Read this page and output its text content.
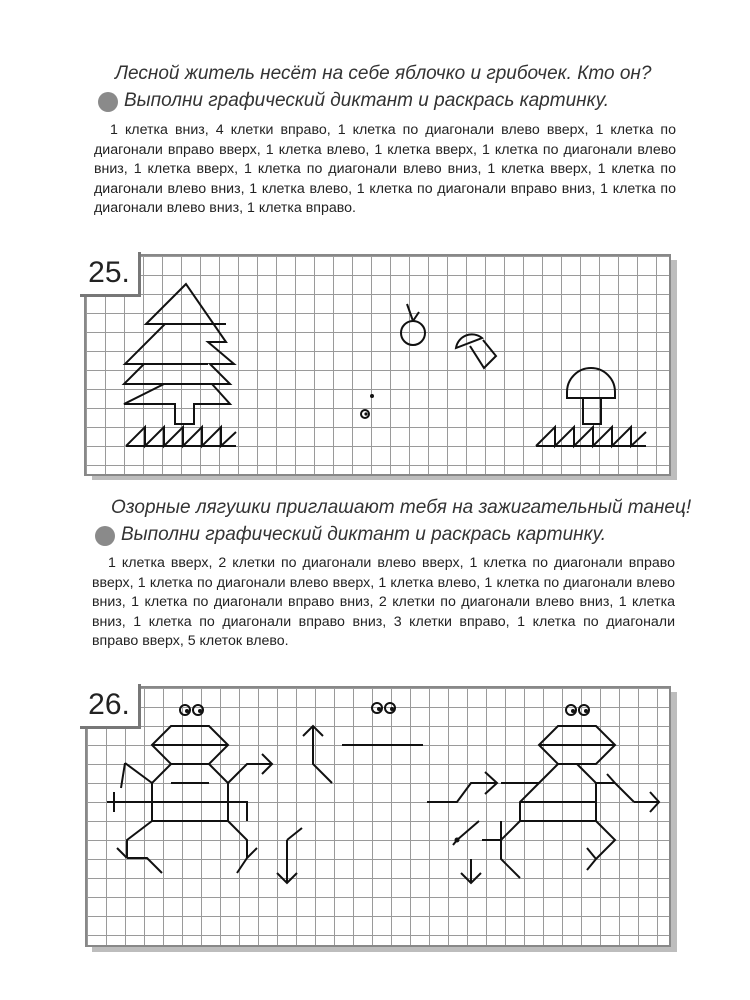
Лесной житель несёт на себе яблочко и грибочек. Кто он?
Выполни графический диктант и раскрась картинку.
1 клетка вниз, 4 клетки вправо, 1 клетка по диагонали влево вверх, 1 клетка по диагонали вправо вверх, 1 клетка влево, 1 клетка вверх, 1 клетка по диагонали влево вниз, 1 клетка вверх, 1 клетка по диагонали влево вниз, 1 клетка вверх, 1 клетка по диагонали влево вниз, 1 клетка влево, 1 клетка по диагонали вправо вниз, 1 клетка по диагонали влево вниз, 1 клетка вправо.
25.
Озорные лягушки приглашают тебя на зажигательный танец!
Выполни графический диктант и раскрась картинку.
1 клетка вверх, 2 клетки по диагонали влево вверх, 1 клетка по диагонали вправо вверх, 1 клетка по диагонали влево вверх, 1 клетка влево, 1 клетка по диагонали влево вниз, 1 клетка по диагонали вправо вниз, 2 клетки по диагонали влево вниз, 1 клетка вниз, 1 клетка по диагонали вправо вниз, 3 клетки вправо, 1 клетка по диагонали вправо вверх, 5 клеток влево.
26.
